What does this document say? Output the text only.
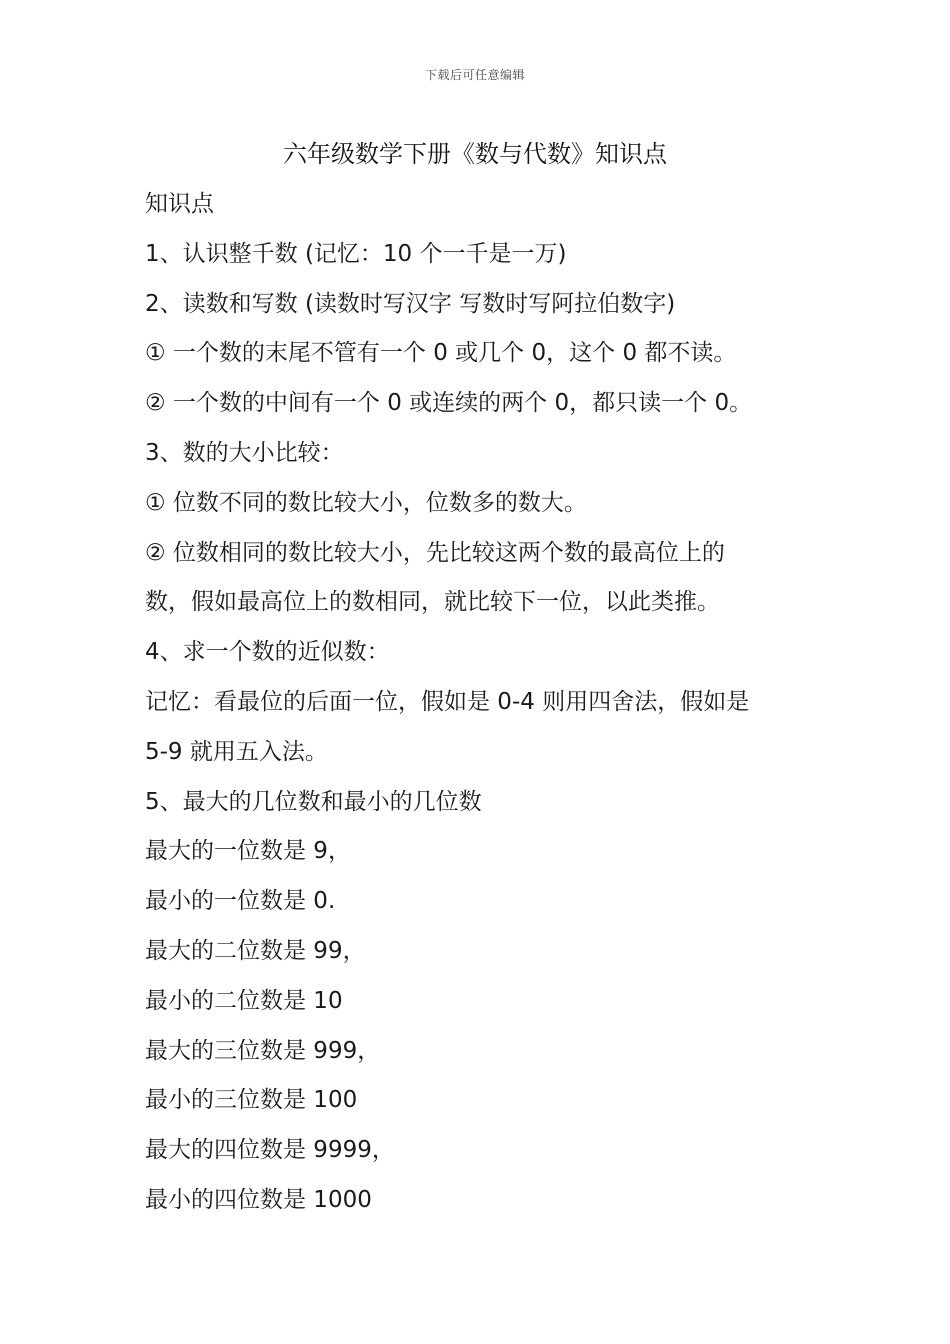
下载后可任意编辑
六年级数学下册《数与代数》知识点
知识点
1、认识整千数 (记忆：10 个一千是一万)
2、读数和写数 (读数时写汉字 写数时写阿拉伯数字)
① 一个数的末尾不管有一个 0 或几个 0，这个 0 都不读。
② 一个数的中间有一个 0 或连续的两个 0，都只读一个 0。
3、数的大小比较：
① 位数不同的数比较大小，位数多的数大。
② 位数相同的数比较大小，先比较这两个数的最高位上的
数，假如最高位上的数相同，就比较下一位，以此类推。
4、求一个数的近似数：
记忆：看最位的后面一位，假如是 0-4 则用四舍法，假如是
5-9 就用五入法。
5、最大的几位数和最小的几位数
最大的一位数是 9，
最小的一位数是 0.
最大的二位数是 99，
最小的二位数是 10
最大的三位数是 999，
最小的三位数是 100
最大的四位数是 9999，
最小的四位数是 1000
